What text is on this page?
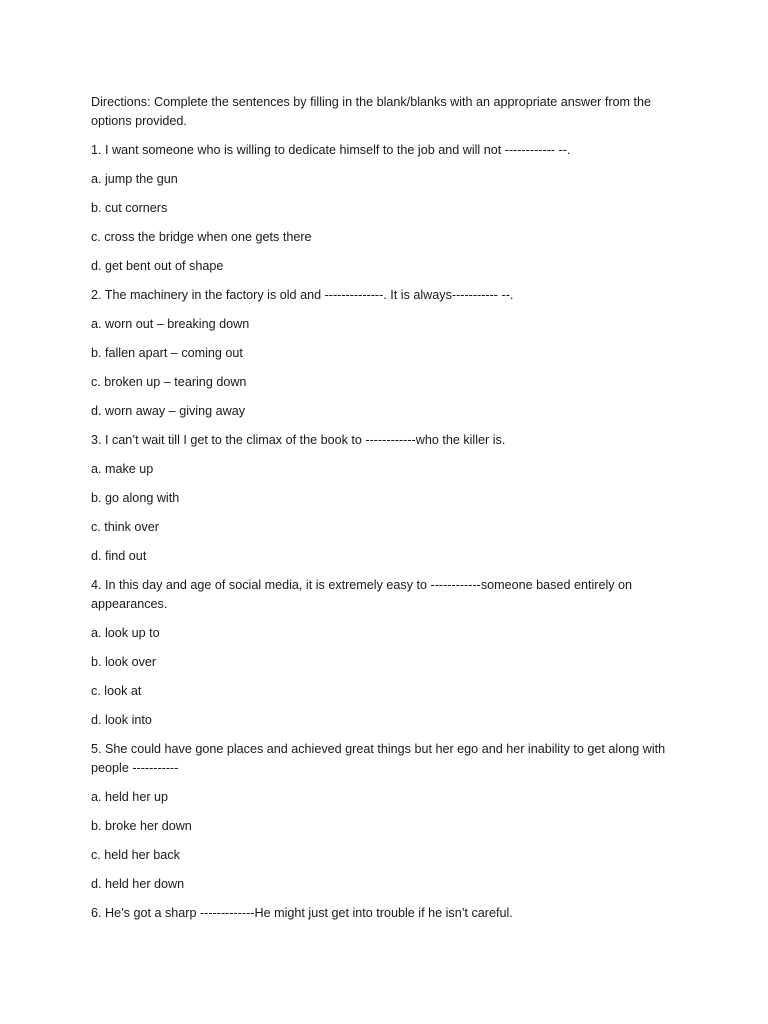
Directions: Complete the sentences by filling in the blank/blanks with an appropriate answer from the options provided.

1. I want someone who is willing to dedicate himself to the job and will not ------------ --.

a. jump the gun

b. cut corners

c. cross the bridge when one gets there

d. get bent out of shape

2. The machinery in the factory is old and --------------. It is always----------- --.

a. worn out – breaking down

b. fallen apart – coming out

c. broken up – tearing down

d. worn away – giving away

3. I can’t wait till I get to the climax of the book to ------------who the killer is.

a. make up

b. go along with

c. think over

d. find out

4. In this day and age of social media, it is extremely easy to ------------someone based entirely on appearances.

a. look up to

b. look over

c. look at

d. look into

5. She could have gone places and achieved great things but her ego and her inability to get along with people -----------

a. held her up

b. broke her down

c. held her back

d. held her down

6. He’s got a sharp -------------He might just get into trouble if he isn’t careful.
